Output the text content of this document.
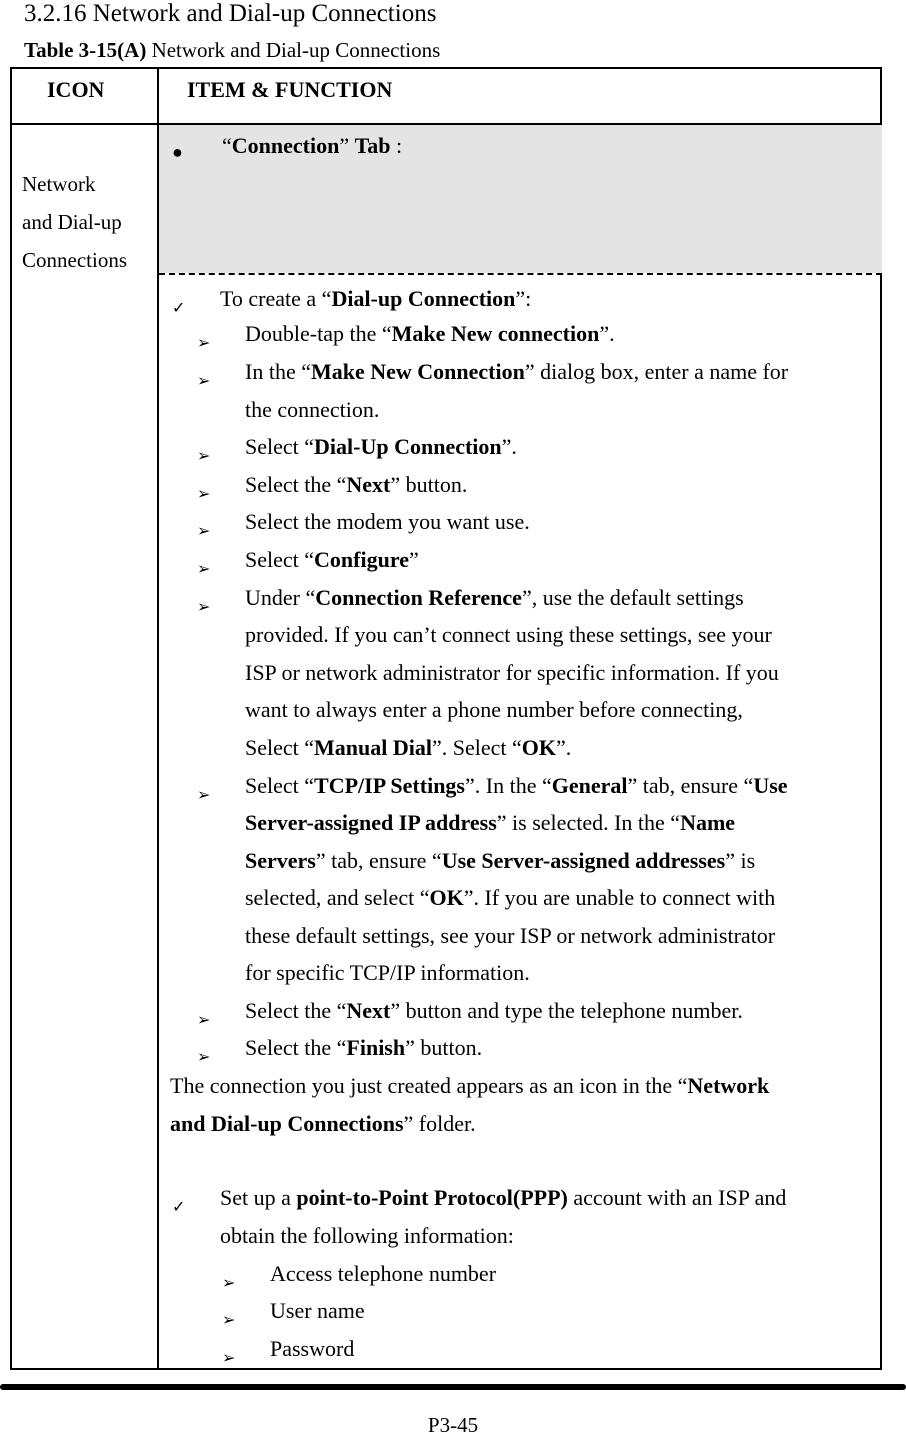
3.2.16 Network and Dial-up Connections
Table 3-15(A) Network and Dial-up Connections
ICON	ITEM & FUNCTION
Network
and Dial-up
Connections
● “Connection” Tab :
To create a “Dial-up Connection”:
✓
Double-tap the “Make New connection”.
➢
In the “Make New Connection” dialog box, enter a name for
➢
the connection.
Select “Dial-Up Connection”.
➢
Select the “Next” button.
➢
Select the modem you want use.
➢
Select “Configure”
➢
Under “Connection Reference”, use the default settings
➢
provided. If you can’t connect using these settings, see your
ISP or network administrator for specific information. If you
want to always enter a phone number before connecting,
Select “Manual Dial”. Select “OK”.
Select “TCP/IP Settings”. In the “General” tab, ensure “Use
➢
Server-assigned IP address” is selected. In the “Name
Servers” tab, ensure “Use Server-assigned addresses” is
selected, and select “OK”. If you are unable to connect with
these default settings, see your ISP or network administrator
for specific TCP/IP information.
Select the “Next” button and type the telephone number.
➢
Select the “Finish” button.
➢
The connection you just created appears as an icon in the “Network
and Dial-up Connections” folder.
Set up a point-to-Point Protocol(PPP) account with an ISP and
✓
obtain the following information:
Access telephone number
➢
User name
➢
Password
➢
P3-45
